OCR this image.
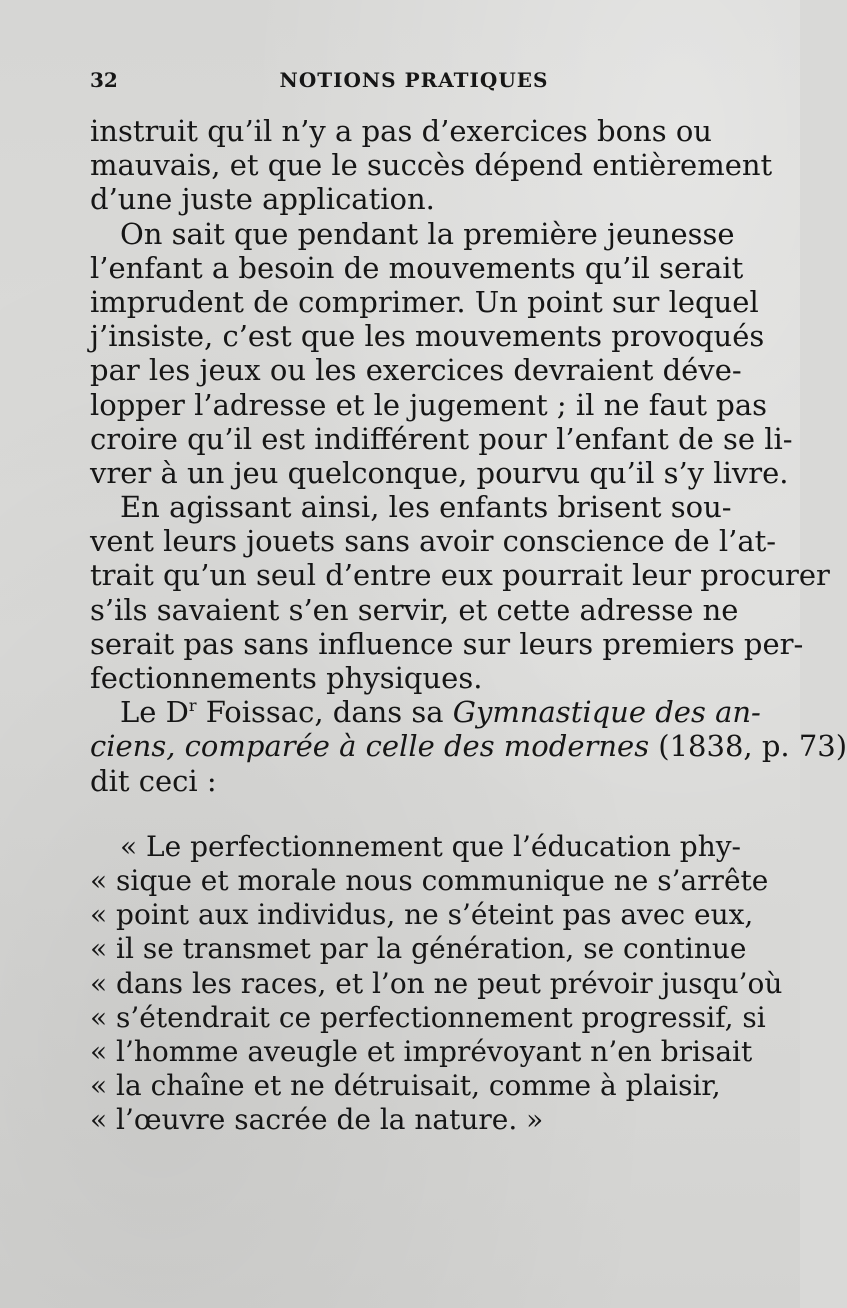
32	NOTIONS PRATIQUES
instruit qu’il n’y a pas d’exercices bons ou
mauvais, et que le succès dépend entièrement
d’une juste application.
On sait que pendant la première jeunesse
l’enfant a besoin de mouvements qu’il serait
imprudent de comprimer. Un point sur lequel
j’insiste, c’est que les mouvements provoqués
par les jeux ou les exercices devraient déve-
lopper l’adresse et le jugement ; il ne faut pas
croire qu’il est indifférent pour l’enfant de se li-
vrer à un jeu quelconque, pourvu qu’il s’y livre.
En agissant ainsi, les enfants brisent sou-
vent leurs jouets sans avoir conscience de l’at-
trait qu’un seul d’entre eux pourrait leur procurer
s’ils savaient s’en servir, et cette adresse ne
serait pas sans influence sur leurs premiers per-
fectionnements physiques.
Le $D^r$ Foissac, dans sa Gymnastique des an-
ciens, comparée à celle des modernes (1838, p. 73)
dit ceci :
« Le perfectionnement que l’éducation phy-
« sique et morale nous communique ne s’arrête
« point aux individus, ne s’éteint pas avec eux,
« il se transmet par la génération, se continue
« dans les races, et l’on ne peut prévoir jusqu’où
« s’étendrait ce perfectionnement progressif, si
« l’homme aveugle et imprévoyant n’en brisait
« la chaîne et ne détruisait, comme à plaisir,
« l’œuvre sacrée de la nature. »
